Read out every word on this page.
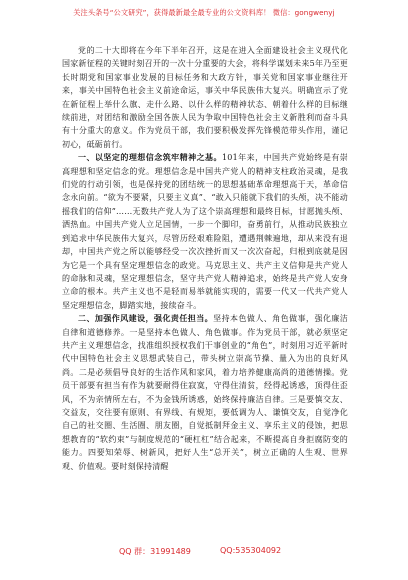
关注头条号“公文研究”，获得最新最全最专业的公文资料库！ 微信：gongwenyj

党的二十大即将在今年下半年召开，这是在进入全面建设社会主义现代化国家新征程的关键时刻召开的一次十分重要的大会，将科学谋划未来5年乃至更长时期党和国家事业发展的目标任务和大政方针，事关党和国家事业继往开来，事关中国特色社会主义前途命运，事关中华民族伟大复兴。明确宣示了党在新征程上举什么旗、走什么路、以什么样的精神状态、朝着什么样的目标继续前进，对团结和激励全国各族人民为争取中国特色社会主义新胜利而奋斗具有十分重大的意义。作为党员干部，我们要积极发挥先锋模范带头作用，谨记初心，砥砺前行。

一、以坚定的理想信念筑牢精神之基。101年来，中国共产党始终是有崇高理想和坚定信念的党。理想信念是中国共产党人的精神支柱政治灵魂，是我们党的行动引领，也是保持党的团结统一的思想基础革命理想高于天，革命信念永向前。“欲为不要紧，只要主义真”、“敢入只能就下我们的头颅，决不能动摇我们的信仰”……无数共产党人为了这个崇高理想和最终目标，甘愿抛头颅、洒热血。中国共产党人立足国情，一步一个脚印，奋勇前行，从推动民族独立到追求中华民族伟大复兴，尽管历经艰难险阻，遭遇荆棘遍地，却从来没有退却，中国共产党之所以能够经受一次次挫折而又一次次奋起，归根到底就是因为它是一个具有坚定理想信念的政党。马克思主义、共产主义信仰是共产党人的命脉和灵魂，坚定理想信念，坚守共产党人精神追求，始终是共产党人安身立命的根本。共产主义也不是轻而易举就能实现的，需要一代又一代共产党人坚定理想信念，脚踏实地，接续奋斗。

二、加强作风建设，强化责任担当。坚持本色做人、角色做事，强化廉洁自律和道德修养。一是坚持本色做人、角色做事。作为党员干部，就必须坚定共产主义理想信念，找准组织授权我们干事创业的“角色”，时刻用习近平新时代中国特色社会主义思想武装自己，带头树立崇高节操、量入为出的良好风尚。二是必须倡导良好的生活作风和家风，着力培养健康高尚的道德情操。党员干部要有担当有作为就要耐得住寂寞，守得住清贫，经得起诱惑，顶得住歪风，不为亲情所左右，不为金钱所诱惑，始终保持廉洁自律。三是要慎交友、交益友，交往要有原则、有界线、有规矩，要低调为人、谦慎交友，自觉净化自己的社交圈、生活圈、朋友圈，自觉抵制拜金主义、享乐主义的侵蚀，把思想教育的“软约束”与制度规范的“硬杠杠”结合起来，不断提高自身拒腐防变的能力。四要知荣辱、树新风，把好人生“总开关”，树立正确的人生观、世界观、价值观。要时刻保持清醒

QQ 群：31991489	QQ:535304092
